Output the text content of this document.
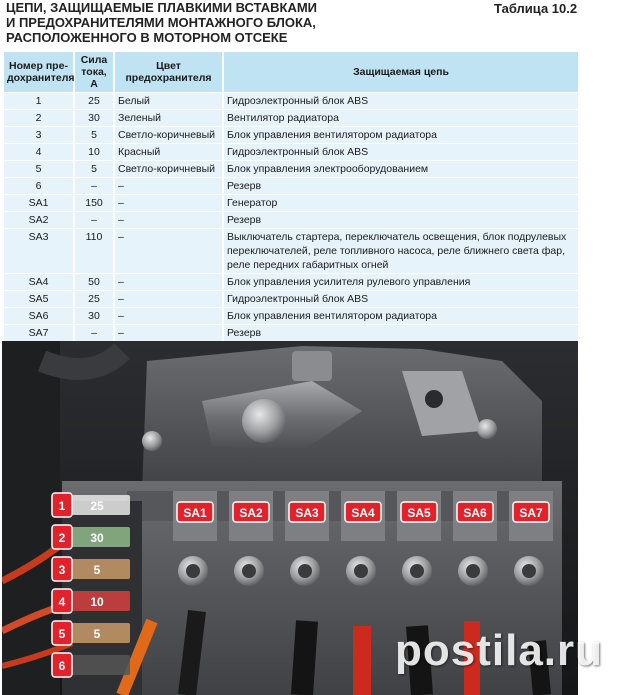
ЦЕПИ, ЗАЩИЩАЕМЫЕ ПЛАВКИМИ ВСТАВКАМИ
И ПРЕДОХРАНИТЕЛЯМИ МОНТАЖНОГО БЛОКА,
РАСПОЛОЖЕННОГО В МОТОРНОМ ОТСЕКЕ
Таблица 10.2
Номер пре-дохранителя	Сила тока, А	Цвет предохранителя	Защищаемая цепь
1	25	Белый	Гидроэлектронный блок ABS
2	30	Зеленый	Вентилятор радиатора
3	5	Светло-коричневый	Блок управления вентилятором радиатора
4	10	Красный	Гидроэлектронный блок ABS
5	5	Светло-коричневый	Блок управления электрооборудованием
6	–	–	Резерв
SA1	150	–	Генератор
SA2	–	–	Резерв
SA3	110	–	Выключатель стартера, переключатель освещения, блок подрулевых переключателей, реле топливного насоса, реле ближнего света фар, реле передних габаритных огней
SA4	50	–	Блок управления усилителя рулевого управления
SA5	25	–	Гидроэлектронный блок ABS
SA6	30	–	Блок управления вентилятором радиатора
SA7	–	–	Резерв
SA1	SA2	SA3	SA4	SA5	SA6	SA7
25
1
30
2
5
3
10
4
5
5
6	postila.ru
